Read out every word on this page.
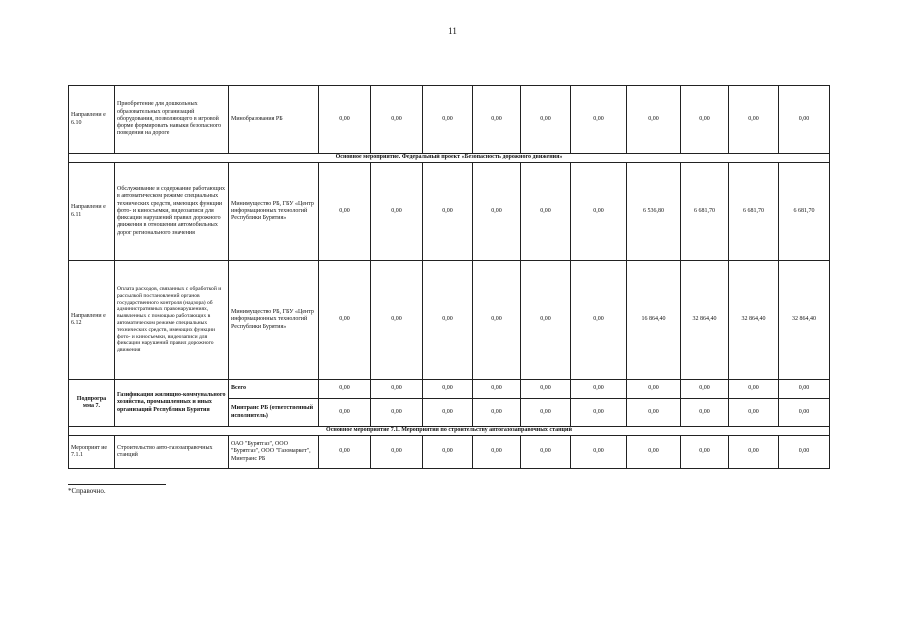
11
Направлени е 6.10	Приобретение для дошкольных образовательных организаций оборудования, позволяющего в игровой форме формировать навыки безопасного поведения на дороге	Минобразования РБ	0,00	0,00	0,00	0,00	0,00	0,00	0,00	0,00	0,00	0,00
Основное мероприятие. Федеральный проект «Безопасность дорожного движения»												
Направлени е 6.11	Обслуживание и содержание работающих в автоматическом режиме специальных технических средств, имеющих функции фото- и киносъемки, видеозаписи для фиксации нарушений правил дорожного движения в отношении автомобильных дорог регионального значения	Минимущество РБ, ГБУ «Центр информационных технологий Республики Бурятия»	0,00	0,00	0,00	0,00	0,00	0,00	6 536,80	6 681,70	6 681,70	6 681,70
Направлени е 6.12	Оплата расходов, связанных с обработкой и рассылкой постановлений органов государственного контроля (надзора) об административных правонарушениях, выявленных с помощью работающих в автоматическом режиме специальных технических средств, имеющих функции фото- и киносъемки, видеозаписи для фиксации нарушений правил дорожного движения	Минимущество РБ, ГБУ «Центр информационных технологий Республики Бурятия»	0,00	0,00	0,00	0,00	0,00	0,00	16 864,40	32 864,40	32 864,40	32 864,40
Подпрогра мма 7.	Газификация жилищно-коммунального хозяйства, промышленных и иных организаций Республики Бурятия	Всего	0,00	0,00	0,00	0,00	0,00	0,00	0,00	0,00	0,00	0,00
		Минтранс РБ (ответственный исполнитель)	0,00	0,00	0,00	0,00	0,00	0,00	0,00	0,00	0,00	0,00
Основное мероприятие 7.1. Мероприятия по строительству автогазозаправочных станций												
Мероприят ие 7.1.1	Строительство авто-газозаправочных станций	ОАО "Бурятгаз", ООО "Бурятгаз", ООО "Газомаркет", Минтранс РБ	0,00	0,00	0,00	0,00	0,00	0,00	0,00	0,00	0,00	0,00
*Справочно.
